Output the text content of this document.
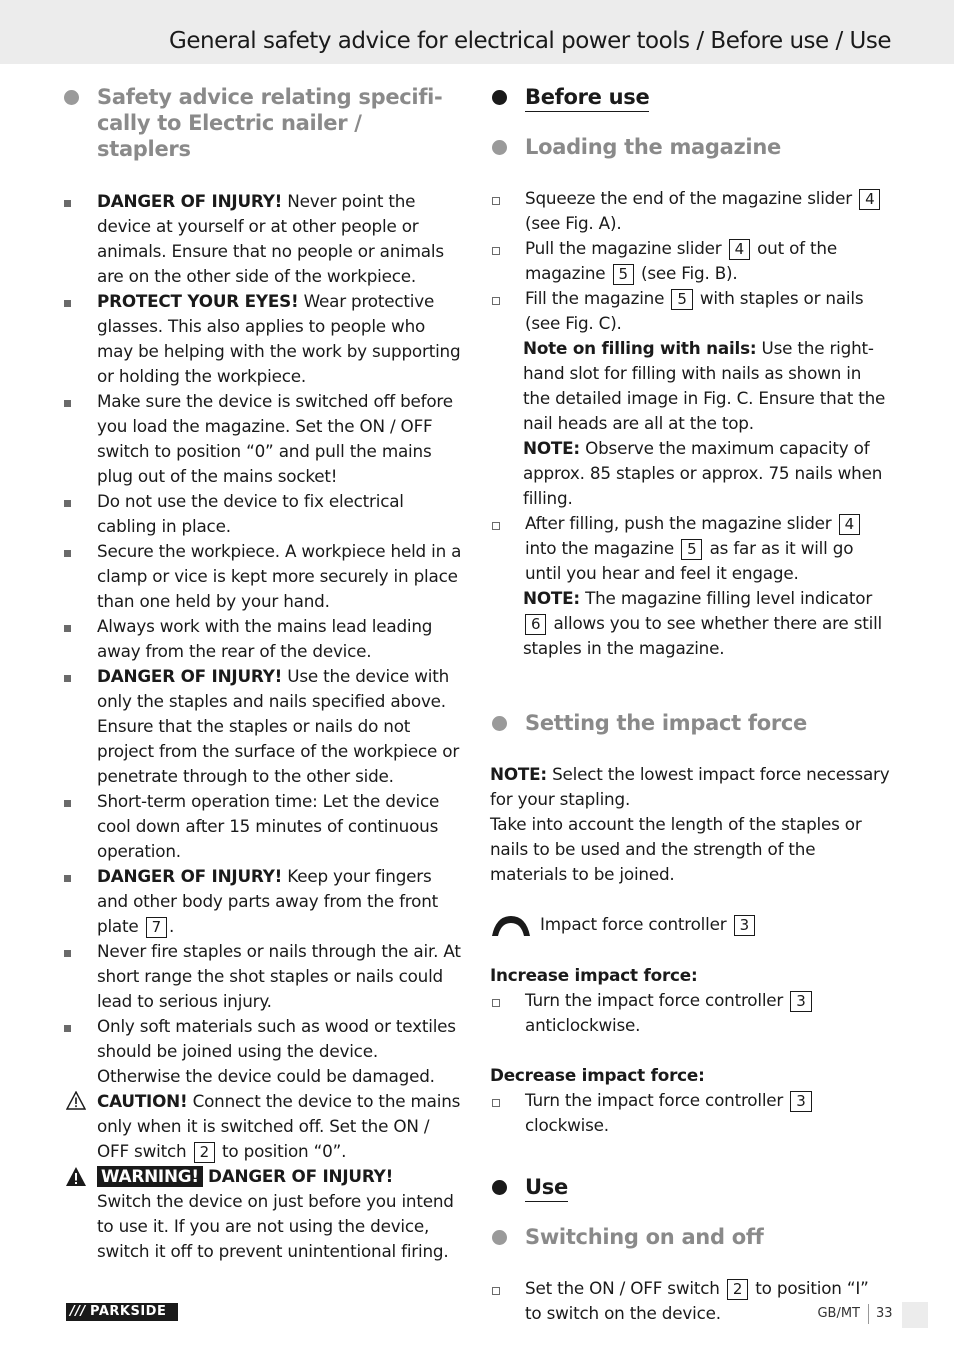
General safety advice for electrical power tools / Before use / Use
Safety advice relating specifi-
cally to Electric nailer / staplers
DANGER OF INJURY! Never point the device at yourself or at other people or animals. Ensure that no people or animals are on the other side of the workpiece.
PROTECT YOUR EYES! Wear protective glasses. This also applies to people who may be helping with the work by supporting or holding the workpiece.
Make sure the device is switched off before you load the magazine. Set the ON / OFF switch to position “0” and pull the mains plug out of the mains socket!
Do not use the device to fix electrical cabling in place.
Secure the workpiece. A workpiece held in a clamp or vice is kept more securely in place than one held by your hand.
Always work with the mains lead leading away from the rear of the device.
DANGER OF INJURY! Use the device with only the staples and nails specified above. Ensure that the staples or nails do not project from the surface of the workpiece or penetrate through to the other side.
Short-term operation time: Let the device cool down after 15 minutes of continuous operation.
DANGER OF INJURY! Keep your fingers and other body parts away from the front plate 7 .
Never fire staples or nails through the air. At short range the shot staples or nails could lead to serious injury.
Only soft materials such as wood or textiles should be joined using the device. Otherwise the device could be damaged.
CAUTION! Connect the device to the mains only when it is switched off. Set the ON / OFF switch 2 to position “0”.
WARNING! DANGER OF INJURY!
Switch the device on just before you intend to use it. If you are not using the device, switch it off to prevent unintentional firing.
Before use
Loading the magazine
Squeeze the end of the magazine slider 4 (see Fig. A).
Pull the magazine slider 4 out of the magazine 5 (see Fig. B).
Fill the magazine 5 with staples or nails (see Fig. C).
Note on filling with nails: Use the right-hand slot for filling with nails as shown in the detailed image in Fig. C. Ensure that the nail heads are all at the top.
NOTE: Observe the maximum capacity of approx. 85 staples or approx. 75 nails when filling.
After filling, push the magazine slider 4 into the magazine 5 as far as it will go until you hear and feel it engage.
NOTE: The magazine filling level indicator 6 allows you to see whether there are still staples in the magazine.
Setting the impact force
NOTE: Select the lowest impact force necessary for your stapling.
Take into account the length of the staples or nails to be used and the strength of the materials to be joined.
Impact force controller 3
Increase impact force:
Turn the impact force controller 3 anticlockwise.
Decrease impact force:
Turn the impact force controller 3 clockwise.
Use
Switching on and off
Set the ON / OFF switch 2 to position “I” to switch on the device.
/// PARKSIDE	GB/MT 33
